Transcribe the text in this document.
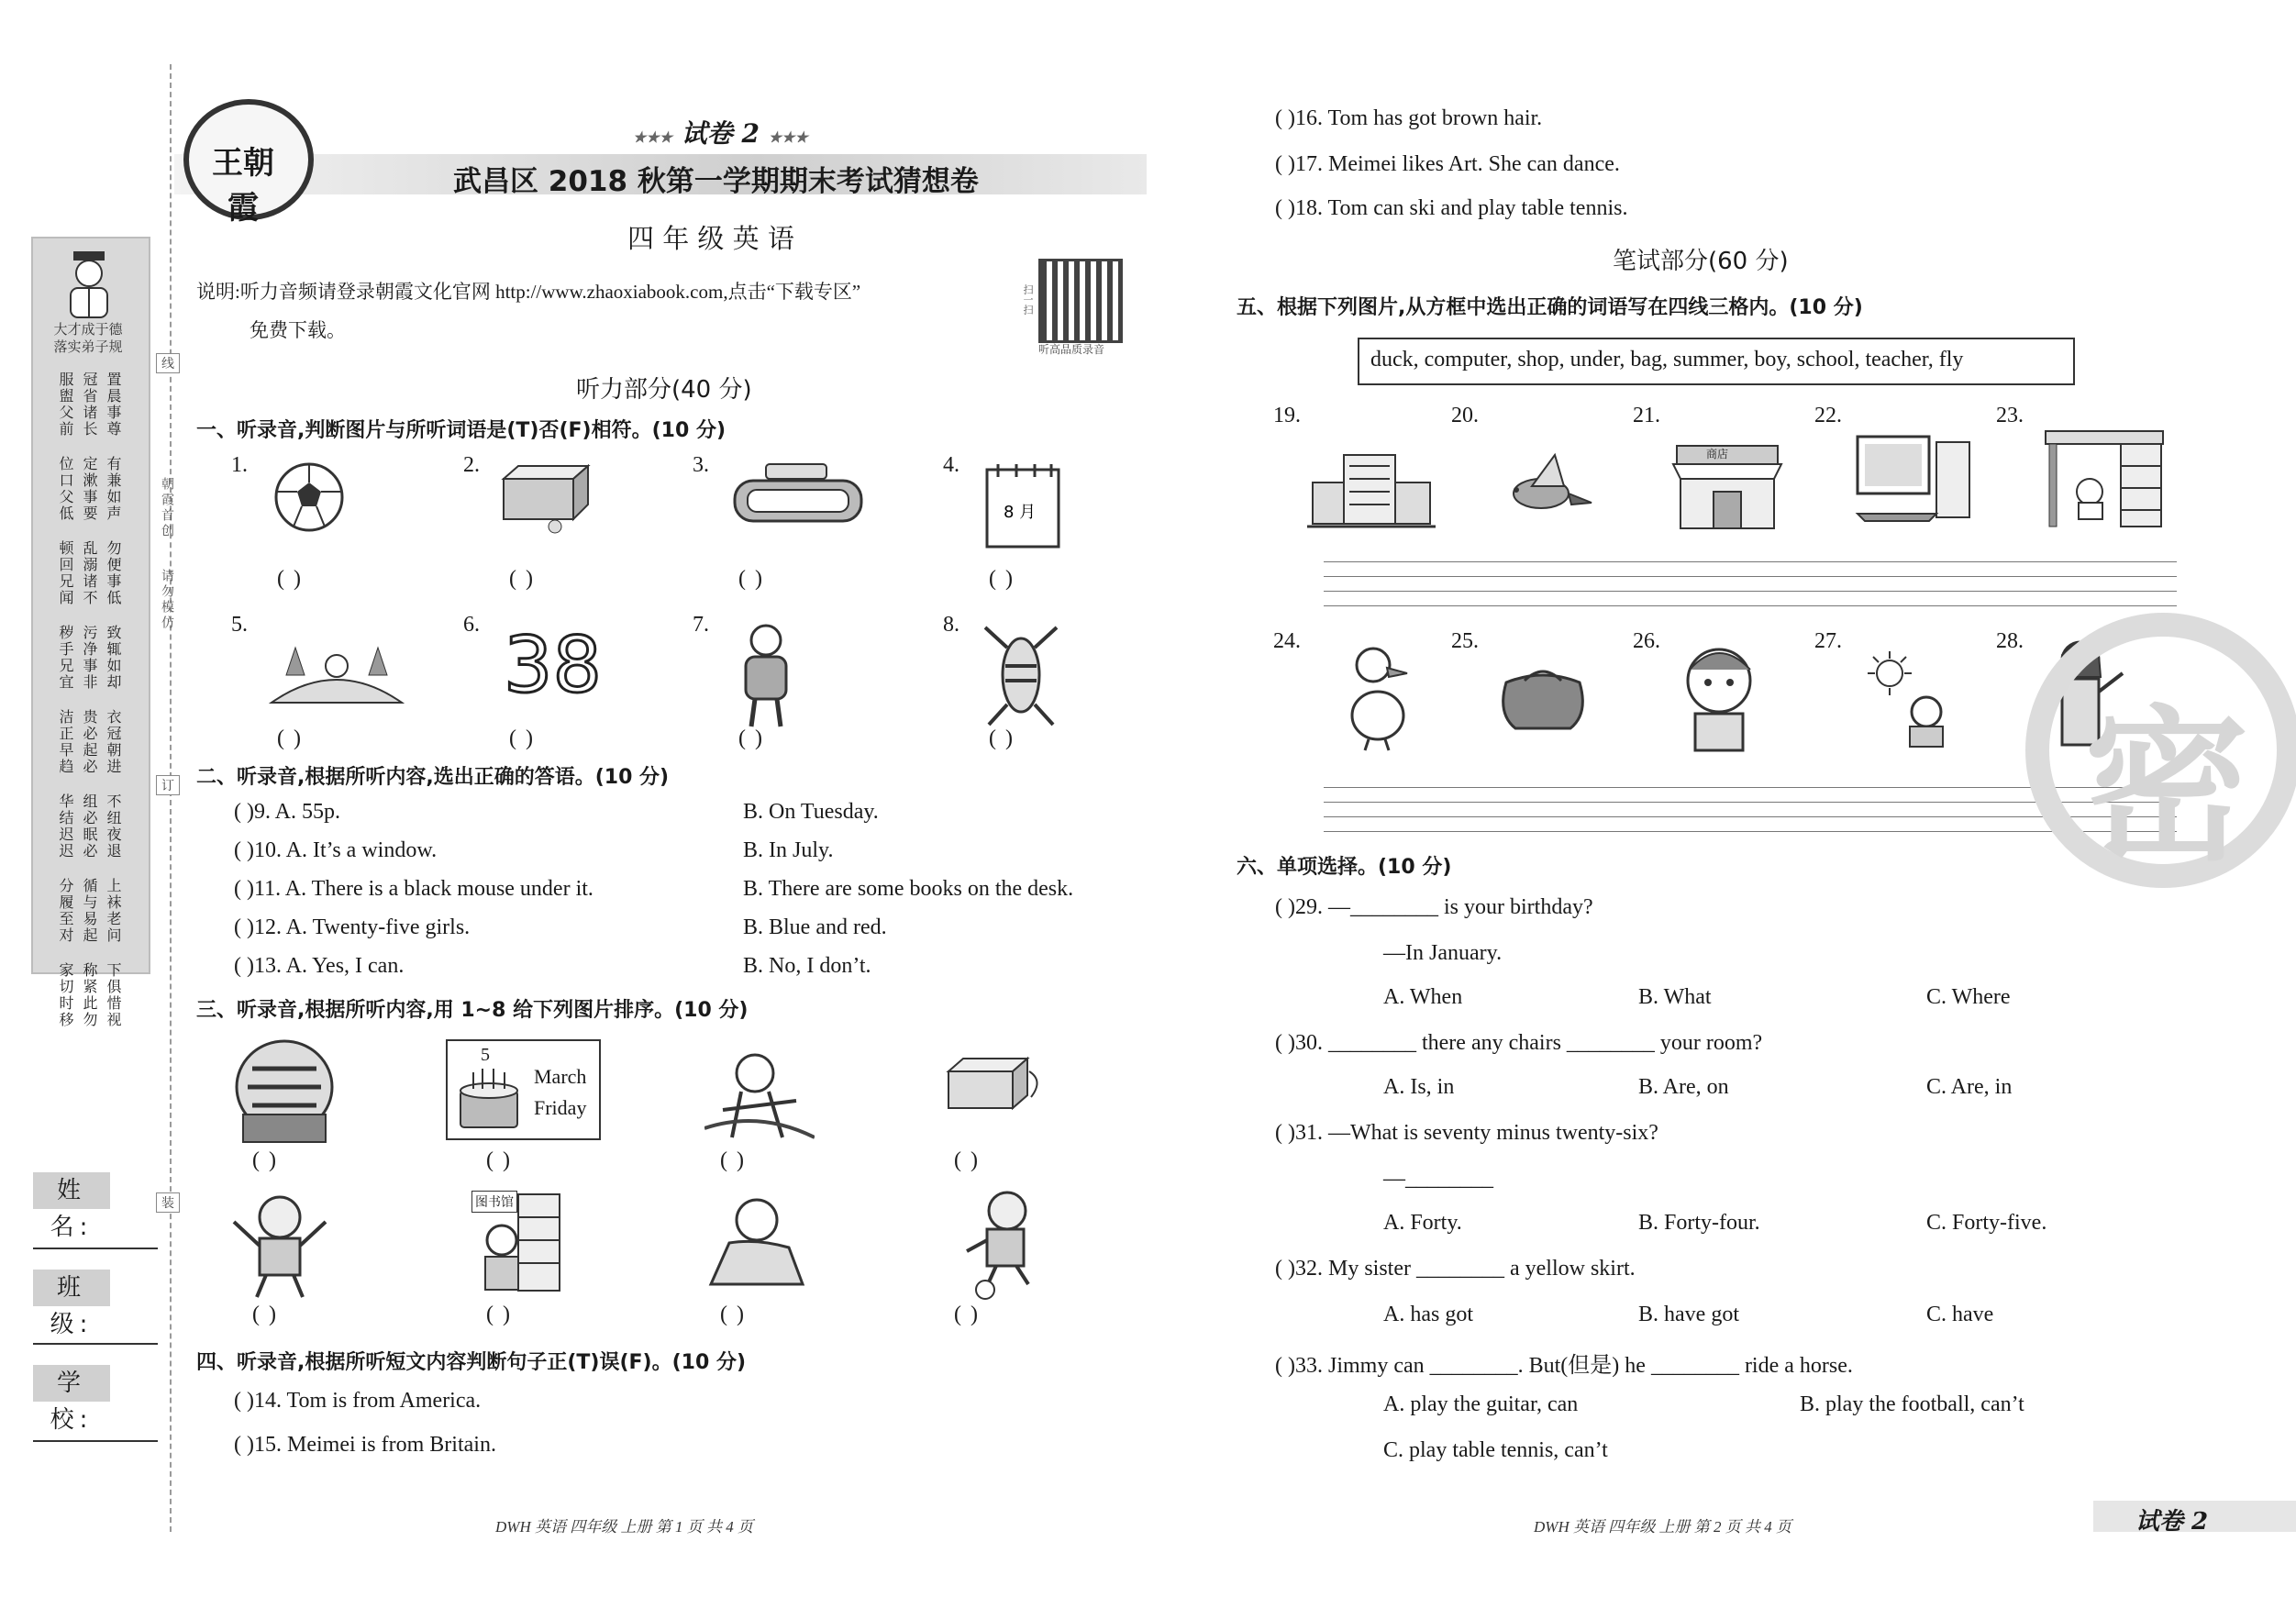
大才成于德
落实弟子规
置晨事尊
冠省诸长
服盥父前
有兼如声
定漱事要
位口父低
勿便事低
乱溺诸不
顿回兄闻
致辄如却
污净事非
秽手兄宜
衣冠朝进
贵必起必
洁正早趋
不纽夜退
组必眠必
华结迟迟
上袜老问
循与易起
分履至对
下俱惜视
称紧此勿
家切时移
朝霞首创
请勿模仿
线
订
装
姓 名:
班 级:
学 校:
王朝霞
★★★ 试卷 2 ★★★
武昌区 2018 秋第一学期期末考试猜想卷
四 年 级 英 语
说明:听力音频请登录朝霞文化官网 http://www.zhaoxiabook.com,点击“下载专区”
免费下载。
扫一扫
听高品质录音
听力部分(40 分)
一、听录音,判断图片与所听词语是(T)否(F)相符。(10 分)
1.
( )
2.
( )
3.
( )
4.
8 月
( )
5.
( )
6. 38
( )
7.
( )
8.
( )
二、听录音,根据所听内容,选出正确的答语。(10 分)
( )9. A. 55p.	B. On Tuesday.
( )10. A. It’s a window.	B. In July.
( )11. A. There is a black mouse under it.	B. There are some books on the desk.
( )12. A. Twenty-five girls.	B. Blue and red.
( )13. A. Yes, I can.	B. No, I don’t.
三、听录音,根据所听内容,用 1~8 给下列图片排序。(10 分)
5
March
Friday
图书馆
( )	( )	( )	( )
( )	( )	( )	( )
四、听录音,根据所听短文内容判断句子正(T)误(F)。(10 分)
( )14. Tom is from America.
( )15. Meimei is from Britain.
( )16. Tom has got brown hair.
( )17. Meimei likes Art. She can dance.
( )18. Tom can ski and play table tennis.
笔试部分(60 分)
五、根据下列图片,从方框中选出正确的词语写在四线三格内。(10 分)
duck, computer, shop, under, bag, summer, boy, school, teacher, fly
19.	20.	21.	22.	23.
24.	25.	26.	27.	28.
商店
六、单项选择。(10 分)
( )29. —________ is your birthday?
—In January.
A. When	B. What	C. Where
( )30. ________ there any chairs ________ your room?
A. Is, in	B. Are, on	C. Are, in
( )31. —What is seventy minus twenty-six?
—________
A. Forty.	B. Forty-four.	C. Forty-five.
( )32. My sister ________ a yellow skirt.
A. has got	B. have got	C. have
( )33. Jimmy can ________. But(但是) he ________ ride a horse.
A. play the guitar, can	B. play the football, can’t
C. play table tennis, can’t
密
DWH 英语 四年级 上册 第 1 页 共 4 页	DWH 英语 四年级 上册 第 2 页 共 4 页	试卷 2
